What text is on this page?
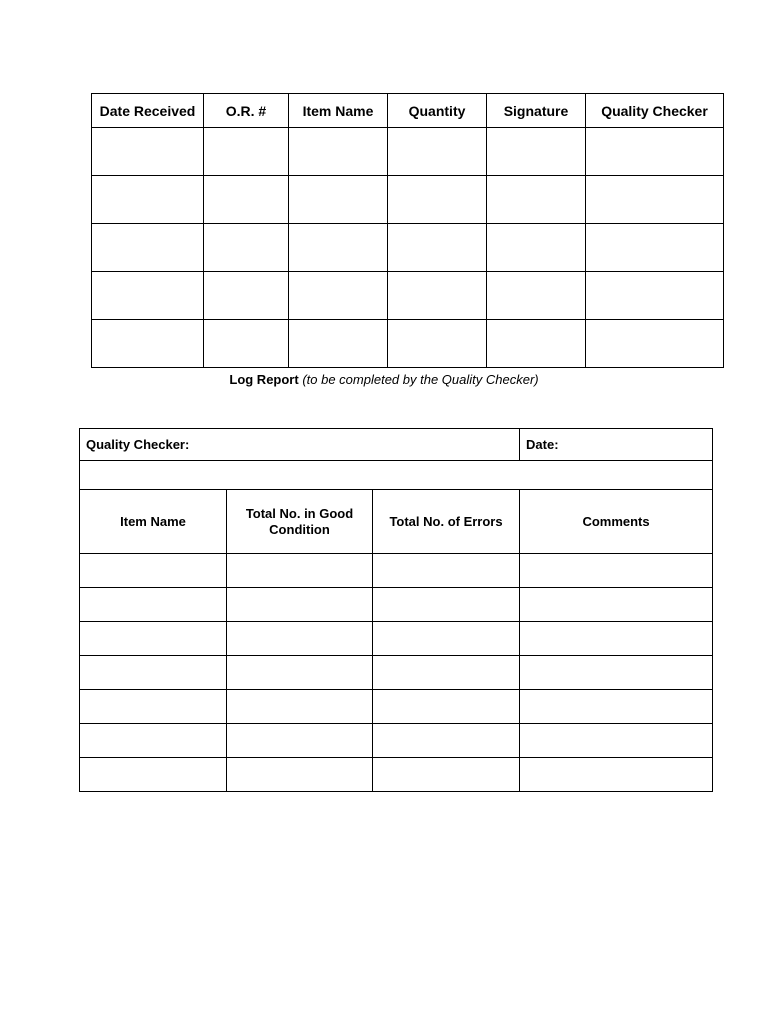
Date Received	O.R. #	Item Name	Quantity	Signature	Quality Checker

Log Report (to be completed by the Quality Checker)
Quality Checker:			Date:

Item Name	Total No. in Good Condition	Total No. of Errors	Comments
